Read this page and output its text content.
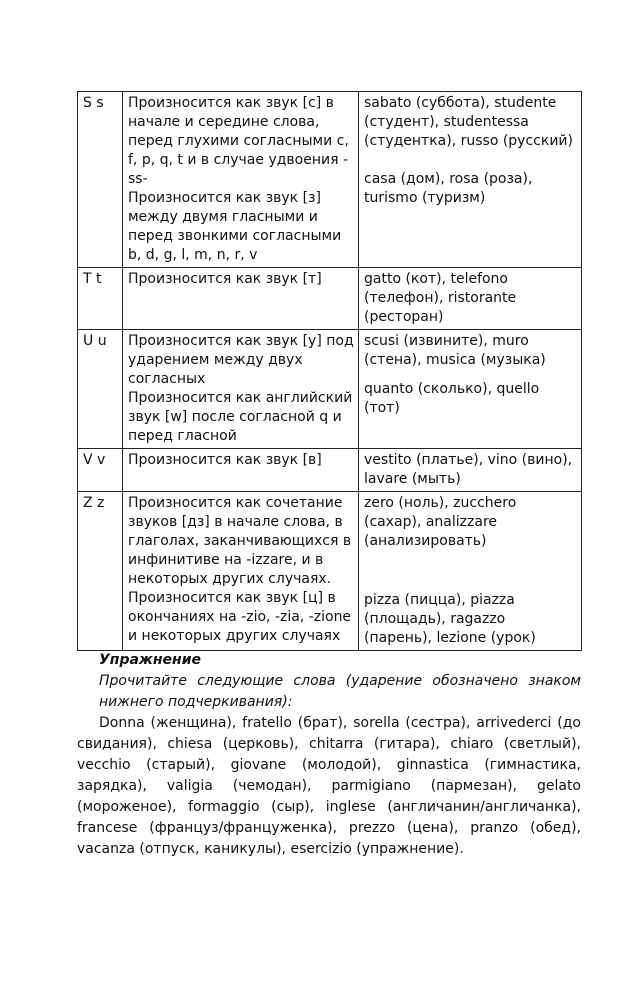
S s	Произносится как звук [с] в начале и середине слова, перед глухими согласными c, f, p, q, t и в случае удвоения -ss-
Произносится как звук [з] между двумя гласными и перед звонкими согласными b, d, g, l, m, n, r, v	sabato (суббота), studente (студент), studentessa (студентка), russo (русский)
casa (дом), rosa (роза), turismo (туризм)

T t	Произносится как звук [т]	gatto (кот), telefono (телефон), ristorante (ресторан)

U u	Произносится как звук [у] под ударением между двух согласных
Произносится как английский звук [w] после согласной q и перед гласной	scusi (извините), muro (стена), musica (музыка)
quanto (сколько), quello (тот)

V v	Произносится как звук [в]	vestito (платье), vino (вино), lavare (мыть)

Z z	Произносится как сочетание звуков [дз] в начале слова, в глаголах, заканчивающихся в инфинитиве на -izzare, и в некоторых других случаях.
Произносится как звук [ц] в окончаниях на -zio, -zia, -zione и некоторых других случаях	zero (ноль), zucchero (сахар), analizzare (анализировать)
pizza (пицца), piazza (площадь), ragazzo (парень), lezione (урок)
Упражнение
Прочитайте следующие слова (ударение обозначено знаком нижнего подчеркивания):
Donna (женщина), fratello (брат), sorella (сестра), arrivederci (до свидания), chiesa (церковь), chitarra (гитара), chiaro (светлый), vecchio (старый), giovane (молодой), ginnastica (гимнастика, зарядка), valigia (чемодан), parmigiano (пармезан), gelato (мороженое), formaggio (сыр), inglese (англичанин/англичанка), francese (француз/француженка), prezzo (цена), pranzo (обед), vacanza (отпуск, каникулы), esercizio (упражнение).
